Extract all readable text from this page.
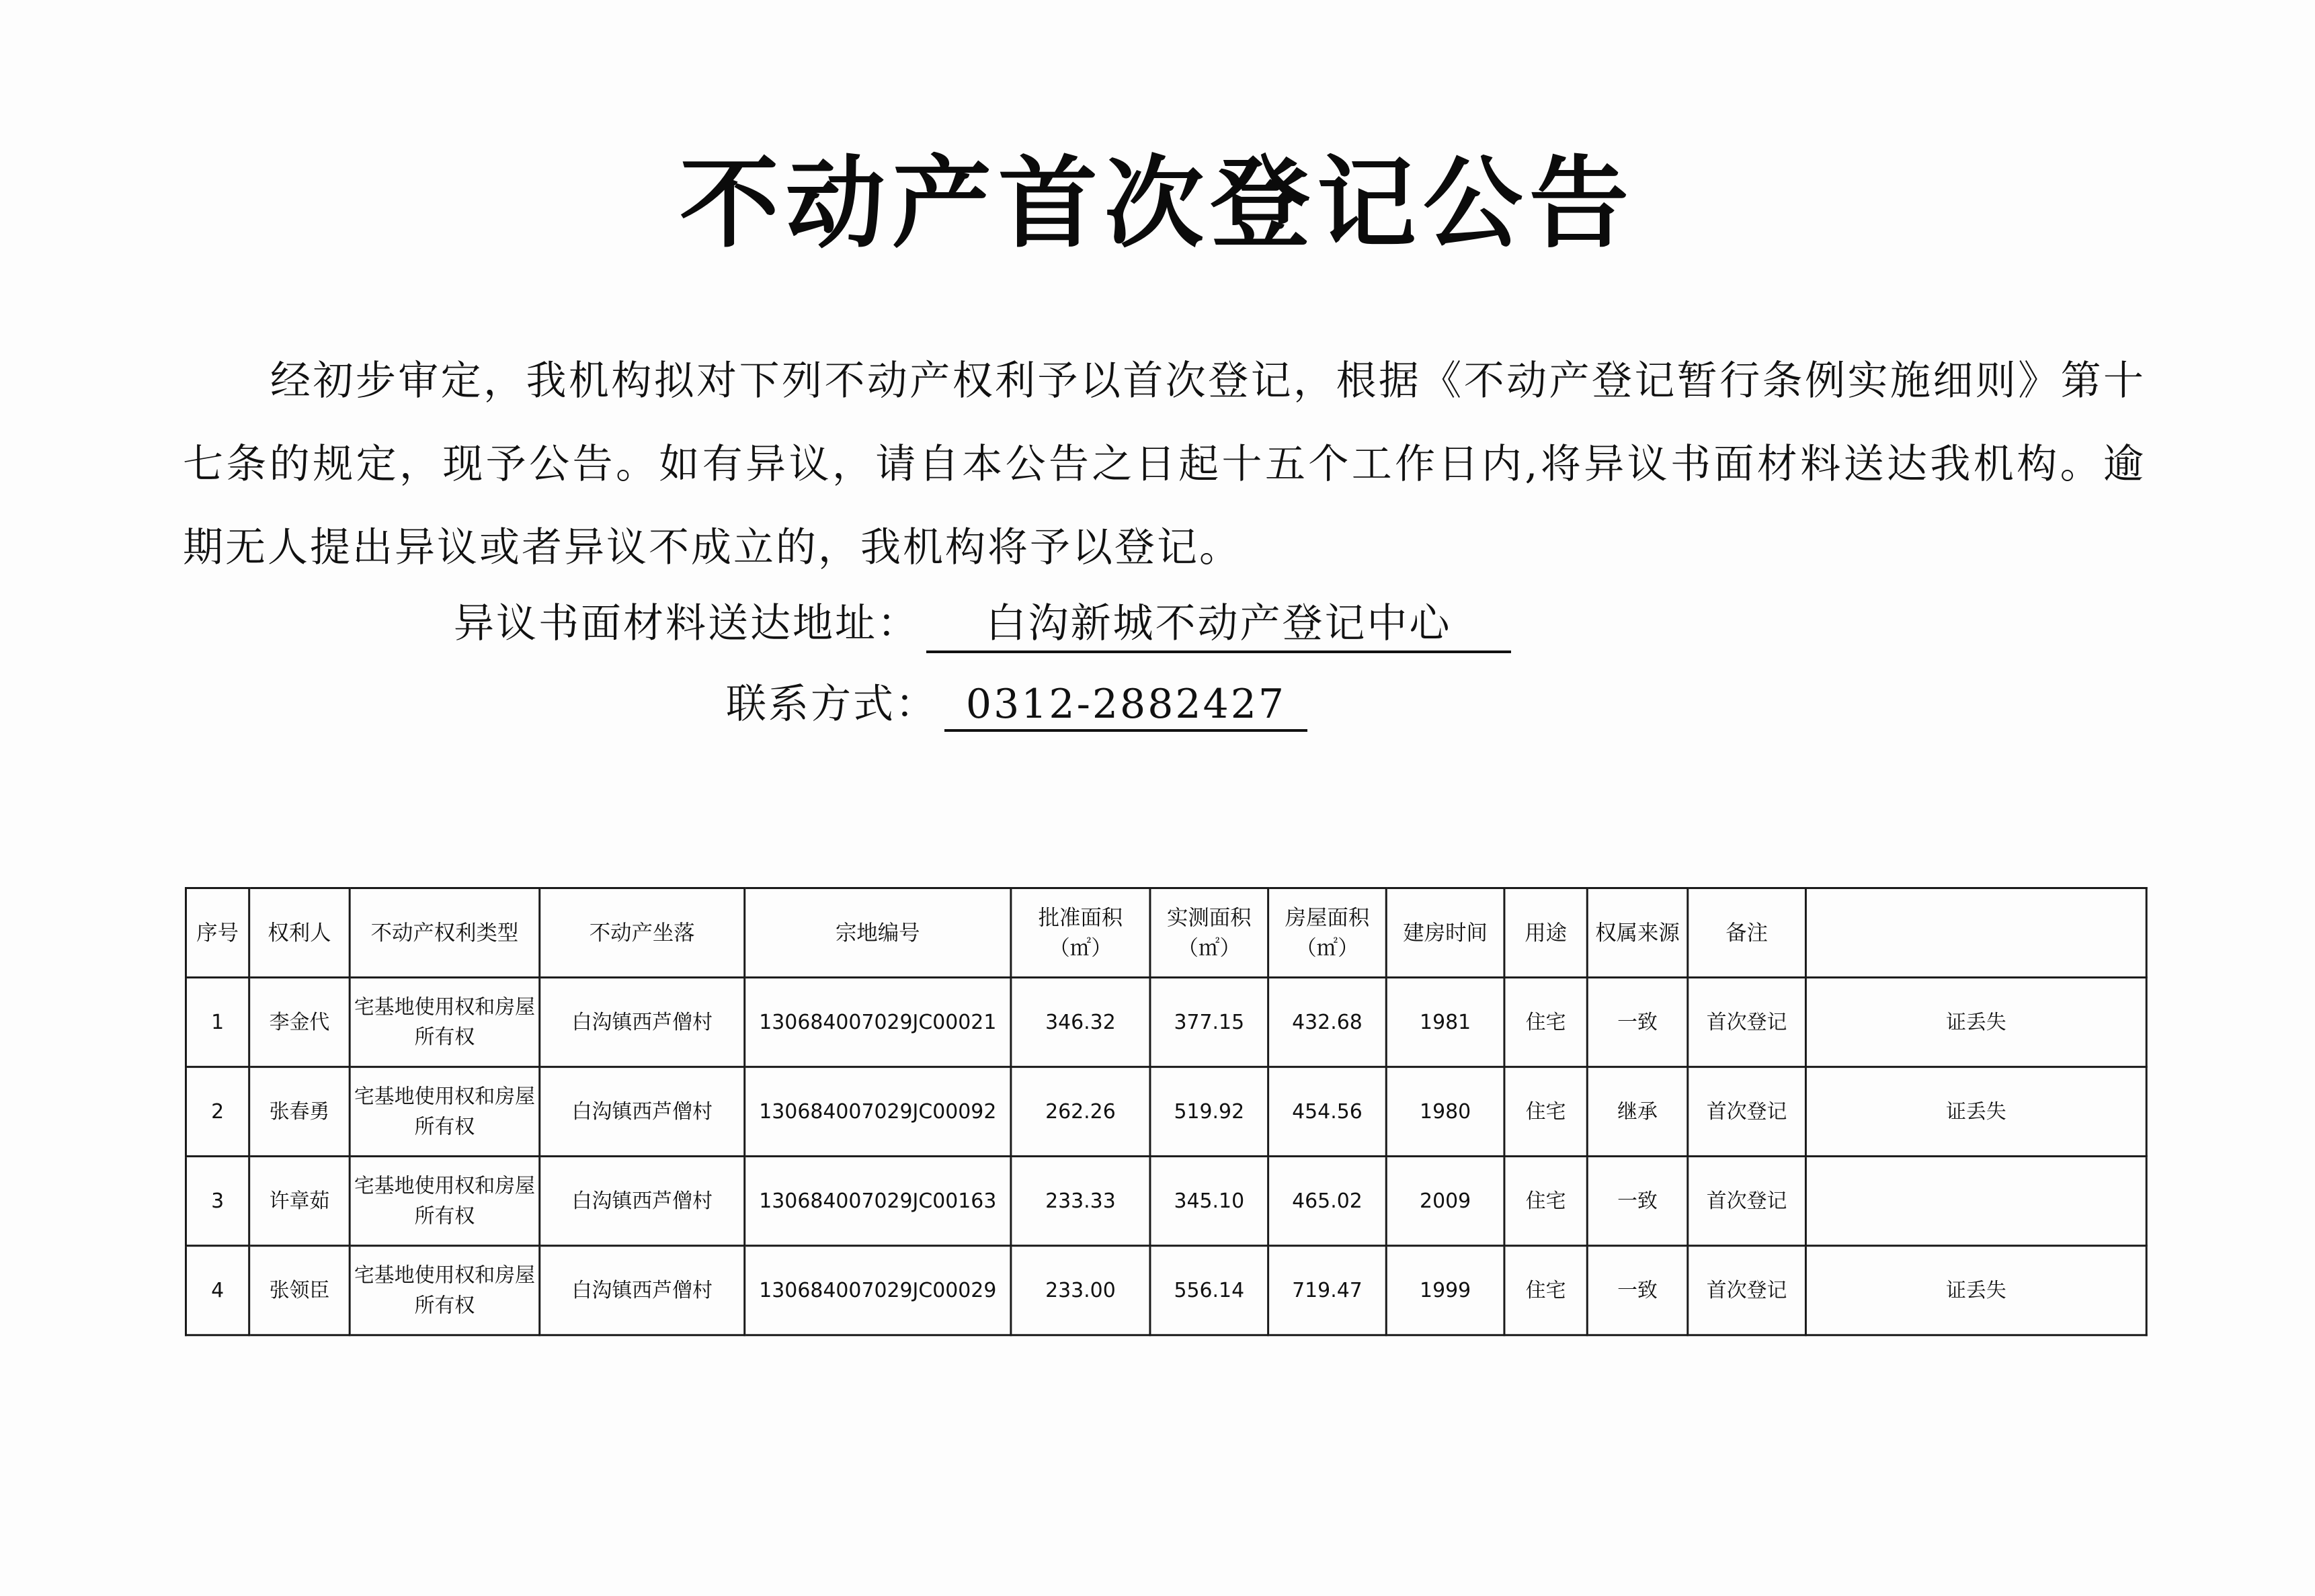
不动产首次登记公告
经初步审定，我机构拟对下列不动产权利予以首次登记，根据《不动产登记暂行条例实施细则》第十七条的规定，现予公告。如有异议，请自本公告之日起十五个工作日内,将异议书面材料送达我机构。逾期无人提出异议或者异议不成立的，我机构将予以登记。
异议书面材料送达地址： 白沟新城不动产登记中心
联系方式： 0312-2882427
序号	权利人	不动产权利类型	不动产坐落	宗地编号	批准面积（㎡）	实测面积（㎡）	房屋面积（㎡）	建房时间	用途	权属来源	备注	
1	李金代	宅基地使用权和房屋所有权	白沟镇西芦僧村	130684007029JC00021	346.32	377.15	432.68	1981	住宅	一致	首次登记	证丢失
2	张春勇	宅基地使用权和房屋所有权	白沟镇西芦僧村	130684007029JC00092	262.26	519.92	454.56	1980	住宅	继承	首次登记	证丢失
3	许章茹	宅基地使用权和房屋所有权	白沟镇西芦僧村	130684007029JC00163	233.33	345.10	465.02	2009	住宅	一致	首次登记	
4	张领臣	宅基地使用权和房屋所有权	白沟镇西芦僧村	130684007029JC00029	233.00	556.14	719.47	1999	住宅	一致	首次登记	证丢失
